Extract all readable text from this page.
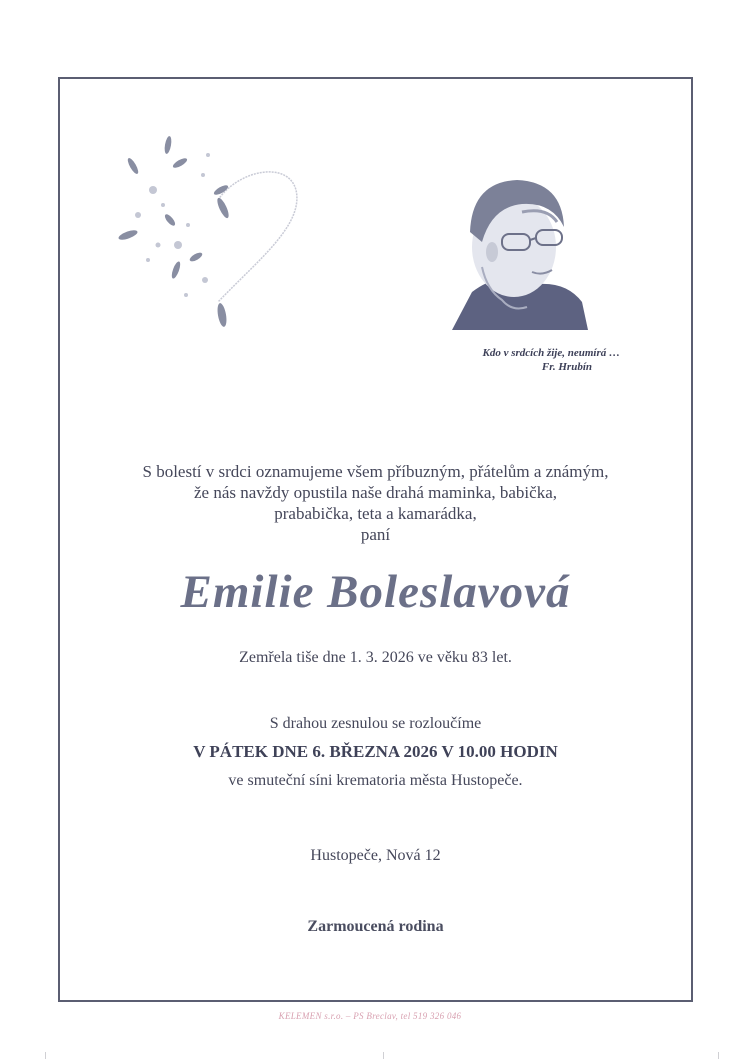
Kdo v srdcích žije, neumírá …
Fr. Hrubín
S bolestí v srdci oznamujeme všem příbuzným, přátelům a známým,
že nás navždy opustila naše drahá maminka, babička,
prababička, teta a kamarádka,
paní
Emilie Boleslavová
Zemřela tiše dne 1. 3. 2026 ve věku 83 let.
S drahou zesnulou se rozloučíme
V PÁTEK DNE 6. BŘEZNA 2026 V 10.00 HODIN
ve smuteční síni krematoria města Hustopeče.
Hustopeče, Nová 12
Zarmoucená rodina
KELEMEN s.r.o. – PS Breclav, tel 519 326 046
